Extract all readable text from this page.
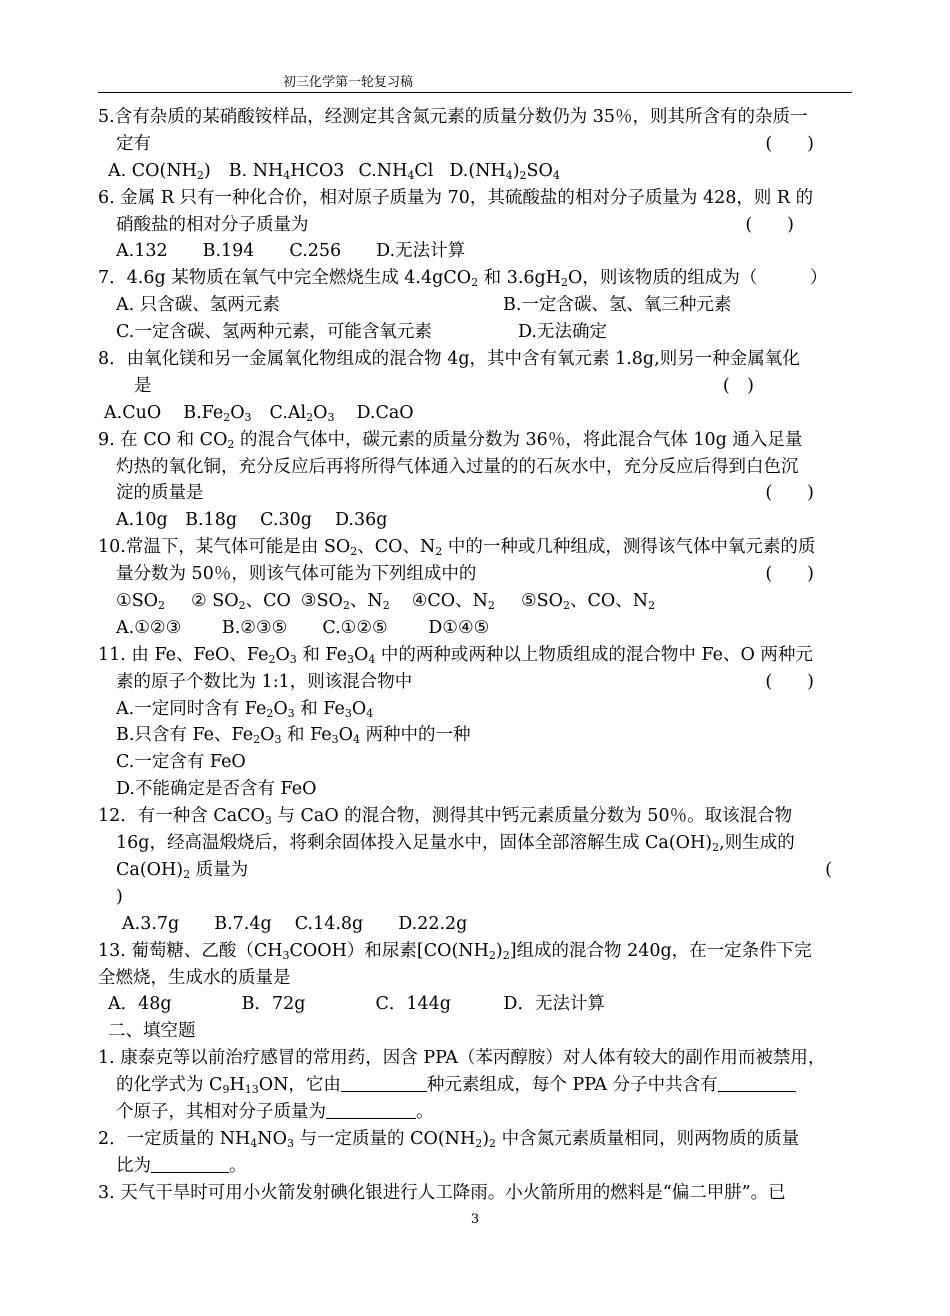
初三化学第一轮复习稿
5.含有杂质的某硝酸铵样品，经测定其含氮元素的质量分数仍为 35％，则其所含有的杂质一
定有	(　　)
A. $CO(NH_2)$ B. $NH_4HCO3$ $C.NH_4Cl$ $D.(NH_4)_2SO_4$
6. 金属 R 只有一种化合价，相对原子质量为 70，其硫酸盐的相对分子质量为 428，则 R 的
硝酸盐的相对分子质量为	(　　)
A.132　　B.194　　C.256　　D.无法计算
7．4.6g 某物质在氧气中完全燃烧生成 4.4gCO$_2$ 和 $3.6gH_2O$，则该物质的组成为（　　　）
A. 只含碳、氢两元素	B.一定含碳、氢、氧三种元素
C.一定含碳、氢两种元素，可能含氧元素	D.无法确定
8．由氧化镁和另一金属氧化物组成的混合物 4g，其中含有氧元素 1.8g,则另一种金属氧化
是	(　)
A.CuO $B.Fe_2O_3$ $C.Al_2O_3$ D.CaO
9. 在 CO 和 $CO_2$ 的混合气体中，碳元素的质量分数为 36％，将此混合气体 10g 通入足量
灼热的氧化铜，充分反应后再将所得气体通入过量的的石灰水中，充分反应后得到白色沉
淀的质量是	(　　)
A.10g　B.18g　 C.30g　 D.36g
10.常温下，某气体可能是由 $SO_2$、CO、$N_2$ 中的一种或几种组成，测得该气体中氧元素的质
量分数为 50％，则该气体可能为下列组成中的	(　　)
$①SO_2$ ② $SO_2$、CO $③SO_2$、$N_2$ ④CO、$N_2$ $⑤SO_2$、CO、$N_2$
A.①②③　　 B.②③⑤　　C.①②⑤　　 D①④⑤
11. 由 Fe、FeO、$Fe_2O_3$ 和 $Fe_3O_4$ 中的两种或两种以上物质组成的混合物中 Fe、O 两种元
素的原子个数比为 1:1，则该混合物中	(　　)
A.一定同时含有 $Fe_2O_3$ 和 $Fe_3O_4$
B.只含有 Fe、$Fe_2O_3$ 和 $Fe_3O_4$ 两种中的一种
C.一定含有 FeO
D.不能确定是否含有 FeO
12．有一种含 CaCO$_3$ 与 CaO 的混合物，测得其中钙元素质量分数为 50％。取该混合物
16g，经高温煅烧后，将剩余固体投入足量水中，固体全部溶解生成 $Ca(OH)_2$,则生成的
$Ca(OH)_2$ 质量为	(
)
A.3.7g　　B.7.4g　 C.14.8g　　D.22.2g
13. 葡萄糖、乙酸$(CH_3COOH)$和尿素$[CO(NH_2)_2]$组成的混合物 240g，在一定条件下完
全燃烧，生成水的质量是
A．48g　　　　B．72g　　　　C．144g　　　D．无法计算
二、填空题
1. 康泰克等以前治疗感冒的常用药，因含 PPA（苯丙醇胺）对人体有较大的副作用而被禁用，
的化学式为 $C_9H_{13}ON$，它由	种元素组成，每个 PPA 分子中共含有
个原子，其相对分子质量为	。
2．一定质量的 $NH_4NO_3$ 与一定质量的 $CO(NH_2)_2$ 中含氮元素质量相同，则两物质的质量
比为	。
3. 天气干旱时可用小火箭发射碘化银进行人工降雨。小火箭所用的燃料是“偏二甲肼”。已
3
